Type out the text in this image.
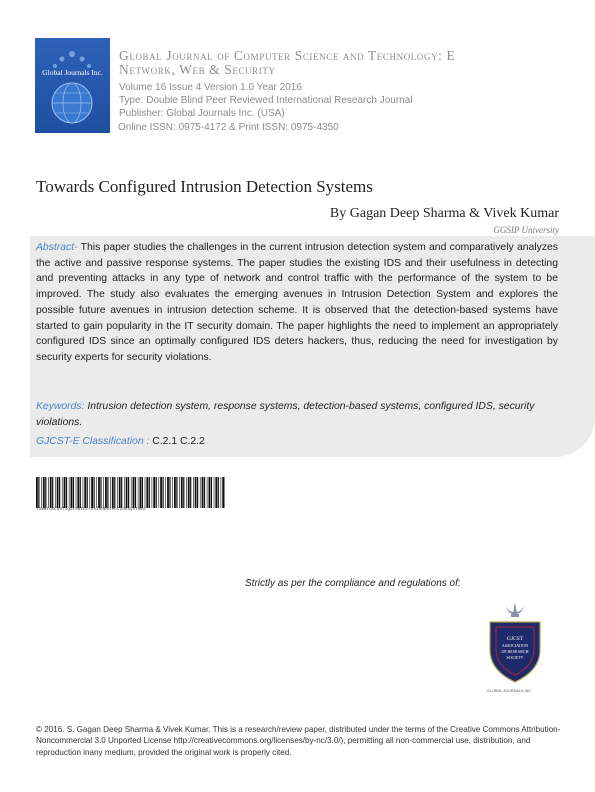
Global Journals Inc.
Global Journal of Computer Science and Technology: E
Network, Web & Security
Volume 16 Issue 4 Version 1.0 Year 2016
Type: Double Blind Peer Reviewed International Research Journal
Publisher: Global Journals Inc. (USA)
Online ISSN: 0975-4172 & Print ISSN: 0975-4350
Towards Configured Intrusion Detection Systems
By Gagan Deep Sharma & Vivek Kumar
GGSIP University
Abstract- This paper studies the challenges in the current intrusion detection system and comparatively analyzes the active and passive response systems. The paper studies the existing IDS and their usefulness in detecting and preventing attacks in any type of network and control traffic with the performance of the system to be improved. The study also evaluates the emerging avenues in Intrusion Detection System and explores the possible future avenues in intrusion detection scheme. It is observed that the detection-based systems have started to gain popularity in the IT security domain. The paper highlights the need to implement an appropriately configured IDS since an optimally configured IDS deters hackers, thus, reducing the need for investigation by security experts for security violations.
Keywords: Intrusion detection system, response systems, detection-based systems, configured IDS, security violations.
GJCST-E Classification : C.2.1 C.2.2
TowardsConfiguredIntrusionDetectionSystems
Strictly as per the compliance and regulations of:
GJCST
ASSOCIATION
OF RESEARCH
SOCIETY
GLOBAL JOURNALS INC.
© 2016. S. Gagan Deep Sharma & Vivek Kumar. This is a research/review paper, distributed under the terms of the Creative Commons Attribution-Noncommercial 3.0 Unported License http://creativecommons.org/licenses/by-nc/3.0/), permitting all non-commercial use, distribution, and reproduction inany medium, provided the original work is properly cited.
